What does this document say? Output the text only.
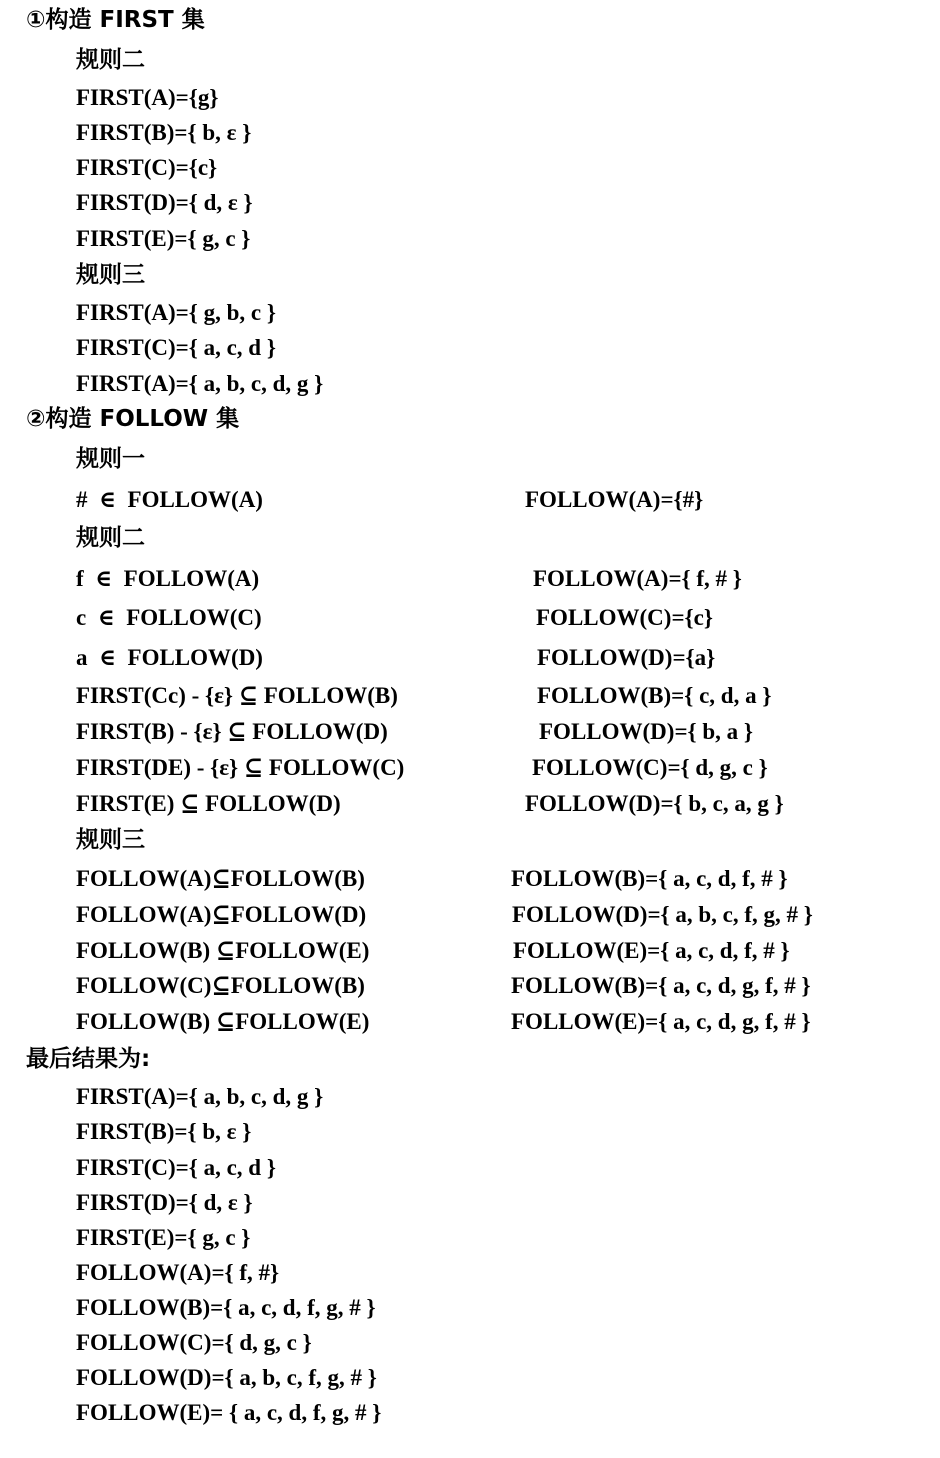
①构造 FIRST 集
规则二
FIRST(A)={g}
FIRST(B)={ b, ε }
FIRST(C)={c}
FIRST(D)={ d, ε }
FIRST(E)={ g, c }
规则三
FIRST(A)={ g, b, c }
FIRST(C)={ a, c, d }
FIRST(A)={ a, b, c, d, g }
②构造 FOLLOW 集
规则一
#  ∈  FOLLOW(A)	FOLLOW(A)={#}
规则二
f  ∈  FOLLOW(A)	FOLLOW(A)={ f, # }
c  ∈  FOLLOW(C)	FOLLOW(C)={c}
a  ∈  FOLLOW(D)	FOLLOW(D)={a}
FIRST(Cc) - {ε} ⊆ FOLLOW(B)	FOLLOW(B)={ c, d, a }
FIRST(B) - {ε} ⊆ FOLLOW(D)	FOLLOW(D)={ b, a }
FIRST(DE) - {ε} ⊆ FOLLOW(C)	FOLLOW(C)={ d, g, c }
FIRST(E) ⊆ FOLLOW(D)	FOLLOW(D)={ b, c, a, g }
规则三
FOLLOW(A)⊆FOLLOW(B)	FOLLOW(B)={ a, c, d, f, # }
FOLLOW(A)⊆FOLLOW(D)	FOLLOW(D)={ a, b, c, f, g, # }
FOLLOW(B) ⊆FOLLOW(E)	FOLLOW(E)={ a, c, d, f, # }
FOLLOW(C)⊆FOLLOW(B)	FOLLOW(B)={ a, c, d, g, f, # }
FOLLOW(B) ⊆FOLLOW(E)	FOLLOW(E)={ a, c, d, g, f, # }
最后结果为:
FIRST(A)={ a, b, c, d, g }
FIRST(B)={ b, ε }
FIRST(C)={ a, c, d }
FIRST(D)={ d, ε }
FIRST(E)={ g, c }
FOLLOW(A)={ f, #}
FOLLOW(B)={ a, c, d, f, g, # }
FOLLOW(C)={ d, g, c }
FOLLOW(D)={ a, b, c, f, g, # }
FOLLOW(E)= { a, c, d, f, g, # }
